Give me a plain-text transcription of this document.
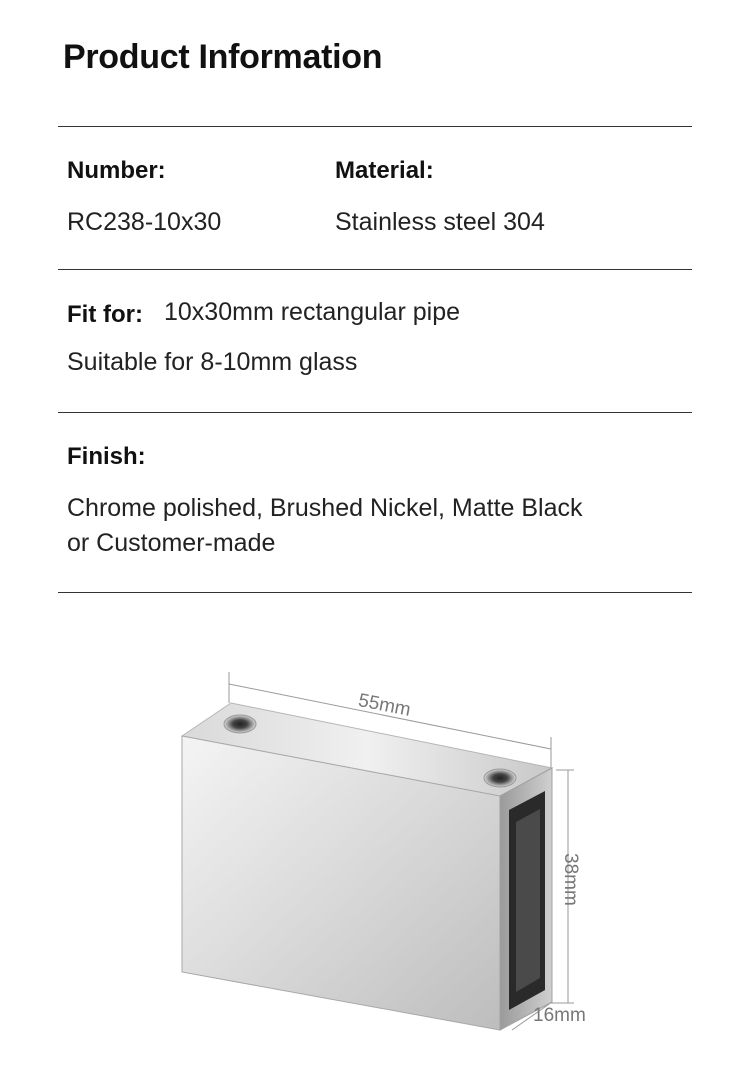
Product Information
Number:	Material:
RC238-10x30	Stainless steel 304
Fit for: 10x30mm rectangular pipe
Suitable for 8-10mm glass
Finish:
Chrome polished, Brushed Nickel, Matte Black
or Customer-made
55mm
38mm
16mm
